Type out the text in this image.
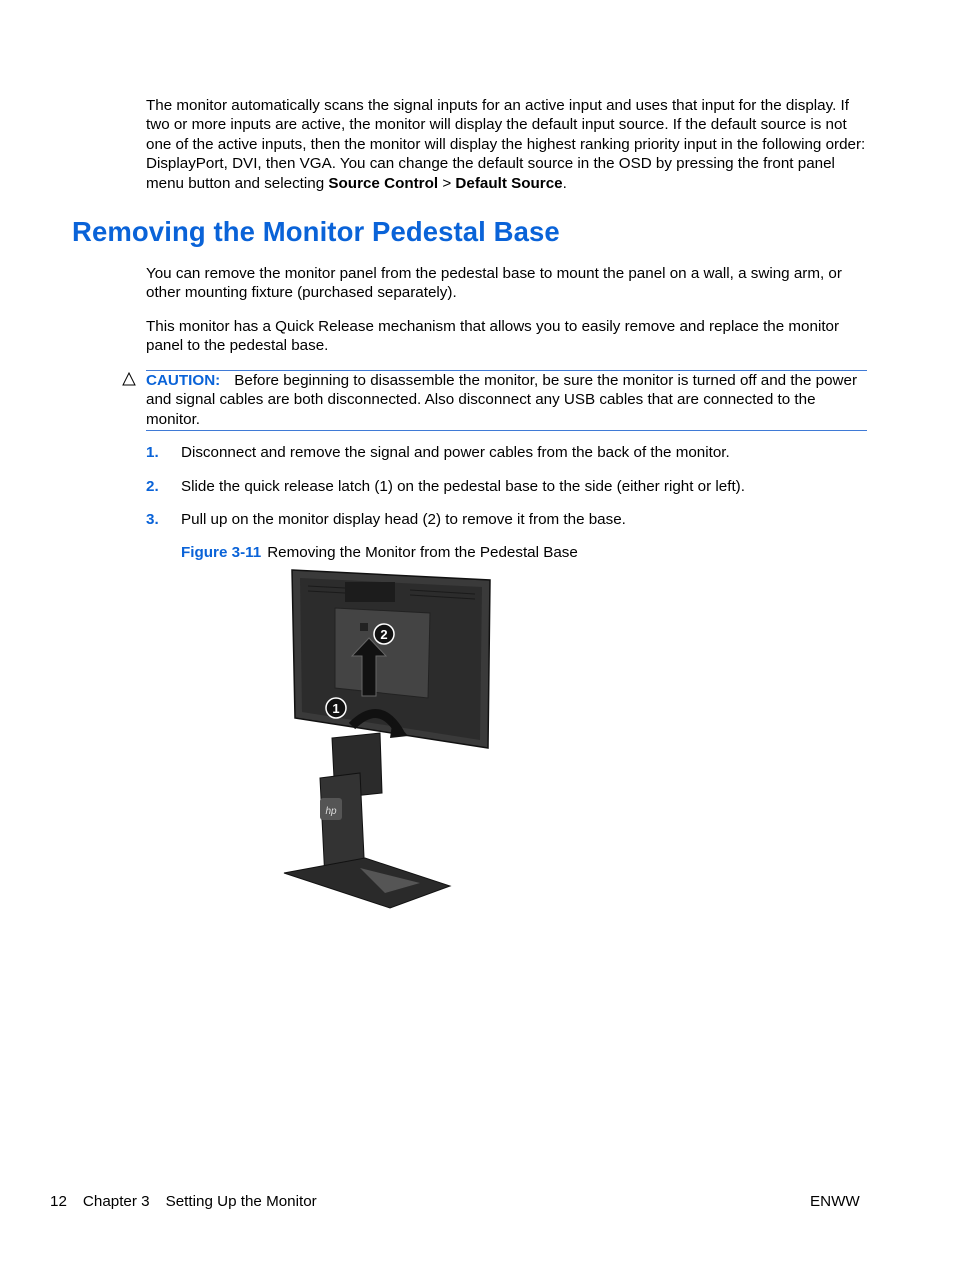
The monitor automatically scans the signal inputs for an active input and uses that input for the display. If two or more inputs are active, the monitor will display the default input source. If the default source is not one of the active inputs, then the monitor will display the highest ranking priority input in the following order: DisplayPort, DVI, then VGA. You can change the default source in the OSD by pressing the front panel menu button and selecting Source Control > Default Source.
Removing the Monitor Pedestal Base
You can remove the monitor panel from the pedestal base to mount the panel on a wall, a swing arm, or other mounting fixture (purchased separately).
This monitor has a Quick Release mechanism that allows you to easily remove and replace the monitor panel to the pedestal base.
CAUTION: Before beginning to disassemble the monitor, be sure the monitor is turned off and the power and signal cables are both disconnected. Also disconnect any USB cables that are connected to the monitor.
1. Disconnect and remove the signal and power cables from the back of the monitor.
2. Slide the quick release latch (1) on the pedestal base to the side (either right or left).
3. Pull up on the monitor display head (2) to remove it from the base.
Figure 3-11 Removing the Monitor from the Pedestal Base
2
1
hp
12 Chapter 3 Setting Up the Monitor	ENWW
